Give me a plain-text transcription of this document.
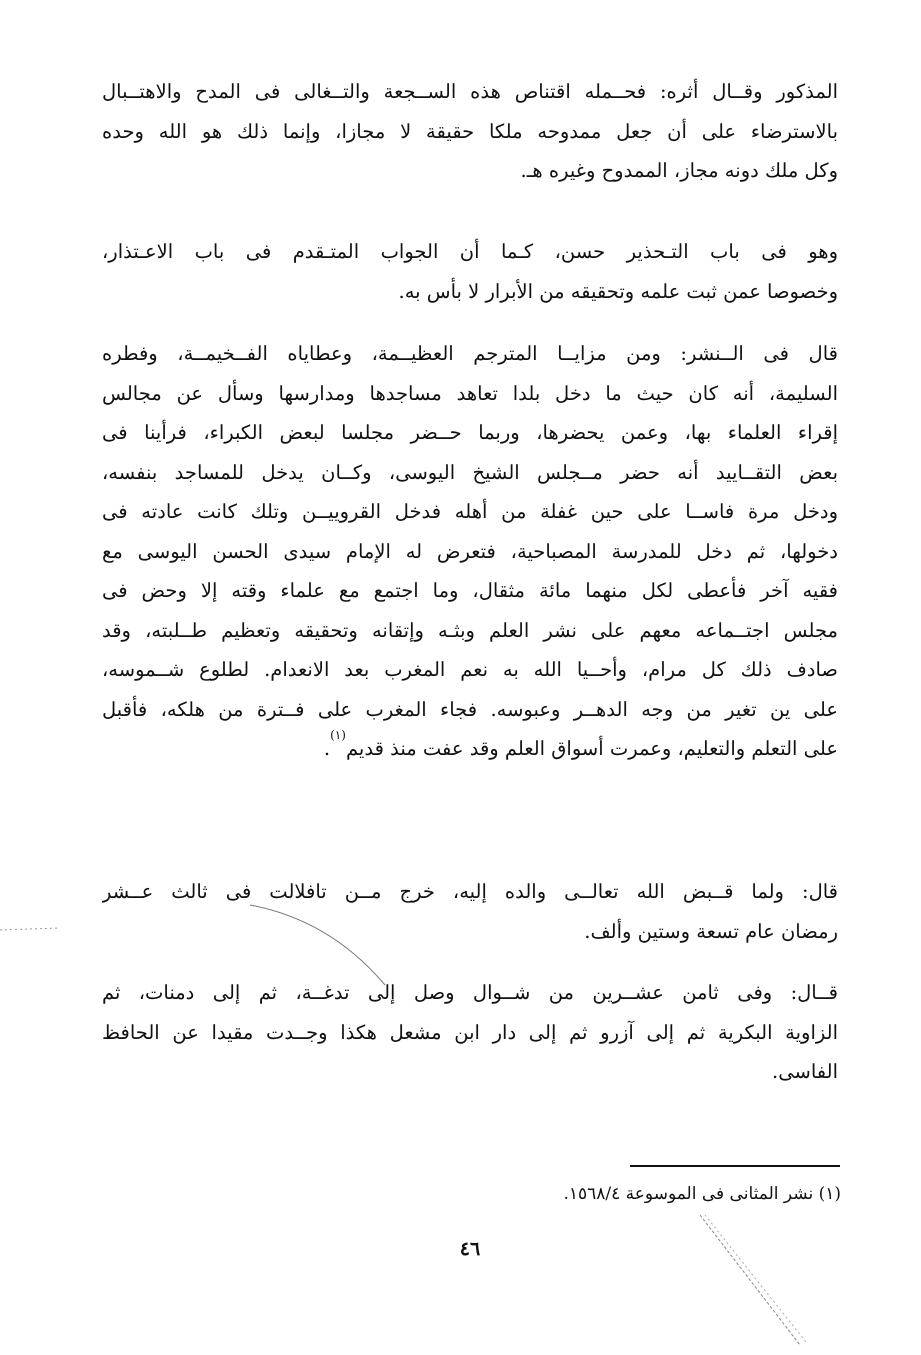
المذكور وقــال أثره: فحــمله اقتناص هذه الســجعة والتــغالى فى المدح والاهتــبال
بالاسترضاء على أن جعل ممدوحه ملكا حقيقة لا مجازا، وإنما ذلك هو الله وحده
وكل ملك دونه مجاز، الممدوح وغيره هـ.
وهو فى باب التـحذير حسن، كـما أن الجواب المتـقدم فى باب الاعـتذار،
وخصوصا عمن ثبت علمه وتحقيقه من الأبرار لا بأس به.
قال فى الــنشر: ومن مزايــا المترجم العظيــمة، وعطاياه الفــخيمــة، وفطره
السليمة، أنه كان حيث ما دخل بلدا تعاهد مساجدها ومدارسها وسأل عن مجالس
إقراء العلماء بها، وعمن يحضرها، وربما حــضر مجلسا لبعض الكبراء، فرأينا فى
بعض التقــاييد أنه حضر مــجلس الشيخ اليوسى، وكــان يدخل للمساجد بنفسه،
ودخل مرة فاســا على حين غفلة من أهله فدخل القروييــن وتلك كانت عادته فى
دخولها، ثم دخل للمدرسة المصباحية، فتعرض له الإمام سيدى الحسن اليوسى مع
فقيه آخر فأعطى لكل منهما مائة مثقال، وما اجتمع مع علماء وقته إلا وحض فى
مجلس اجتــماعه معهم على نشر العلم وبثـه وإتقانه وتحقيقه وتعظيم طــلبته، وقد
صادف ذلك كل مرام، وأحــيا الله به نعم المغرب بعد الانعدام. لطلوع شــموسه،
على ين تغير من وجه الدهــر وعبوسه. فجاء المغرب على فــترة من هلكه، فأقبل
على التعلم والتعليم، وعمرت أسواق العلم وقد عفت منذ قديم$^{(١)}$.
قال: ولما قــبض الله تعالــى والده إليه، خرج مــن تافلالت فى ثالث عــشر
رمضان عام تسعة وستين وألف.
قــال: وفى ثامن عشــرين من شــوال وصل إلى تدغــة، ثم إلى دمنات، ثم
الزاوية البكرية ثم إلى آزرو ثم إلى دار ابن مشعل هكذا وجــدت مقيدا عن الحافظ
الفاسى.
(١) نشر المثانى فى الموسوعة ١٥٦٨/٤.
٤٦
